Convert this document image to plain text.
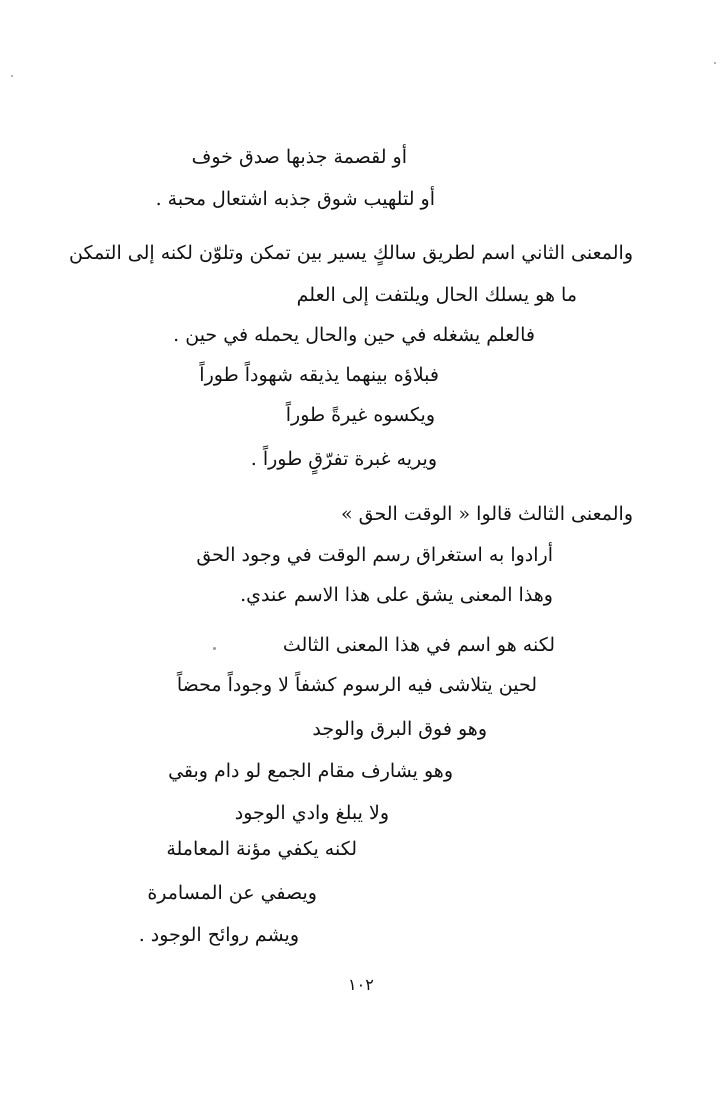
أو لقصمة جذبها صدق خوف
أو لتلهيب شوق جذبه اشتعال محبة .
والمعنى الثاني اسم لطريق سالكٍ يسير بين تمكن وتلوّن لكنه إلى التمكن
ما هو يسلك الحال ويلتفت إلى العلم
فالعلم يشغله في حين والحال يحمله في حين .
فبلاؤه بينهما يذيقه شهوداً طوراً
ويكسوه غيرةً طوراً
ويريه غبرة تفرّقٍ طوراً .
والمعنى الثالث قالوا « الوقت الحق »
أرادوا به استغراق رسم الوقت في وجود الحق
وهذا المعنى يشق على هذا الاسم عندي.
لكنه هو اسم في هذا المعنى الثالث
لحين يتلاشى فيه الرسوم كشفاً لا وجوداً محضاً
وهو فوق البرق والوجد
وهو يشارف مقام الجمع لو دام وبقي
ولا يبلغ وادي الوجود
لكنه يكفي مؤنة المعاملة
ويصفي عن المسامرة
ويشم روائح الوجود .
١٠٢
